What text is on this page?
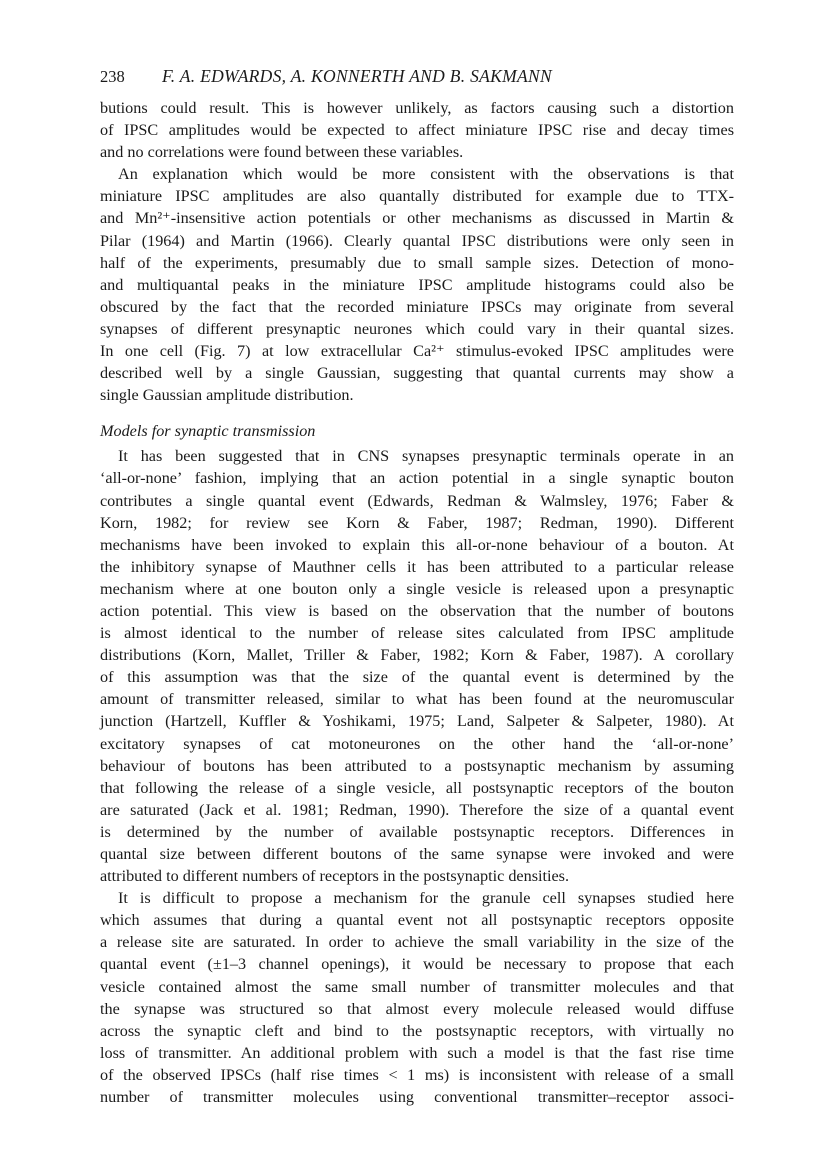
238	F. A. EDWARDS, A. KONNERTH AND B. SAKMANN
butions could result. This is however unlikely, as factors causing such a distortion
of IPSC amplitudes would be expected to affect miniature IPSC rise and decay times
and no correlations were found between these variables.
An explanation which would be more consistent with the observations is that
miniature IPSC amplitudes are also quantally distributed for example due to TTX-
and Mn²⁺-insensitive action potentials or other mechanisms as discussed in Martin &
Pilar (1964) and Martin (1966). Clearly quantal IPSC distributions were only seen in
half of the experiments, presumably due to small sample sizes. Detection of mono-
and multiquantal peaks in the miniature IPSC amplitude histograms could also be
obscured by the fact that the recorded miniature IPSCs may originate from several
synapses of different presynaptic neurones which could vary in their quantal sizes.
In one cell (Fig. 7) at low extracellular Ca²⁺ stimulus-evoked IPSC amplitudes were
described well by a single Gaussian, suggesting that quantal currents may show a
single Gaussian amplitude distribution.
Models for synaptic transmission
It has been suggested that in CNS synapses presynaptic terminals operate in an
‘all-or-none’ fashion, implying that an action potential in a single synaptic bouton
contributes a single quantal event (Edwards, Redman & Walmsley, 1976; Faber &
Korn, 1982; for review see Korn & Faber, 1987; Redman, 1990). Different
mechanisms have been invoked to explain this all-or-none behaviour of a bouton. At
the inhibitory synapse of Mauthner cells it has been attributed to a particular release
mechanism where at one bouton only a single vesicle is released upon a presynaptic
action potential. This view is based on the observation that the number of boutons
is almost identical to the number of release sites calculated from IPSC amplitude
distributions (Korn, Mallet, Triller & Faber, 1982; Korn & Faber, 1987). A corollary
of this assumption was that the size of the quantal event is determined by the
amount of transmitter released, similar to what has been found at the neuromuscular
junction (Hartzell, Kuffler & Yoshikami, 1975; Land, Salpeter & Salpeter, 1980). At
excitatory synapses of cat motoneurones on the other hand the ‘all-or-none’
behaviour of boutons has been attributed to a postsynaptic mechanism by assuming
that following the release of a single vesicle, all postsynaptic receptors of the bouton
are saturated (Jack et al. 1981; Redman, 1990). Therefore the size of a quantal event
is determined by the number of available postsynaptic receptors. Differences in
quantal size between different boutons of the same synapse were invoked and were
attributed to different numbers of receptors in the postsynaptic densities.
It is difficult to propose a mechanism for the granule cell synapses studied here
which assumes that during a quantal event not all postsynaptic receptors opposite
a release site are saturated. In order to achieve the small variability in the size of the
quantal event (±1–3 channel openings), it would be necessary to propose that each
vesicle contained almost the same small number of transmitter molecules and that
the synapse was structured so that almost every molecule released would diffuse
across the synaptic cleft and bind to the postsynaptic receptors, with virtually no
loss of transmitter. An additional problem with such a model is that the fast rise time
of the observed IPSCs (half rise times < 1 ms) is inconsistent with release of a small
number of transmitter molecules using conventional transmitter–receptor associ-
